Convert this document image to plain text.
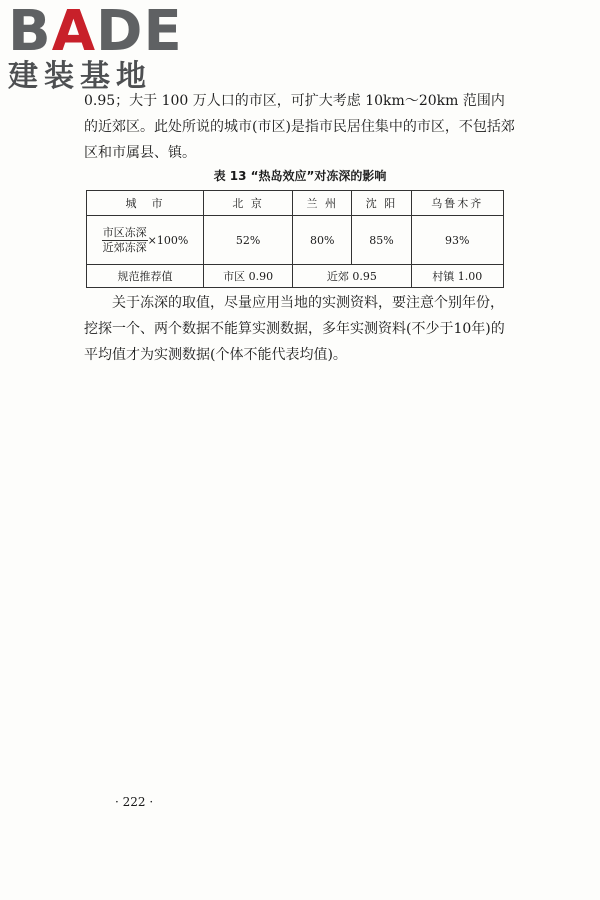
BADE
建装基地

0.95；大于 100 万人口的市区，可扩大考虑 10km～20km 范围内的近郊区。此处所说的城市(市区)是指市民居住集中的市区，不包括郊区和市属县、镇。

表 13 “热岛效应”对冻深的影响
城　市	北 京	兰 州	沈 阳	乌鲁木齐

$\frac{\text{市区冻深}}{\text{近郊冻深}} \times 100\%$	52%	80%	85%	93%
规范推荐值	市区 0.90	近郊 0.95		村镇 1.00

关于冻深的取值，尽量应用当地的实测资料，要注意个别年份，挖探一个、两个数据不能算实测数据，多年实测资料(不少于10年)的平均值才为实测数据(个体不能代表均值)。

· 222 ·
